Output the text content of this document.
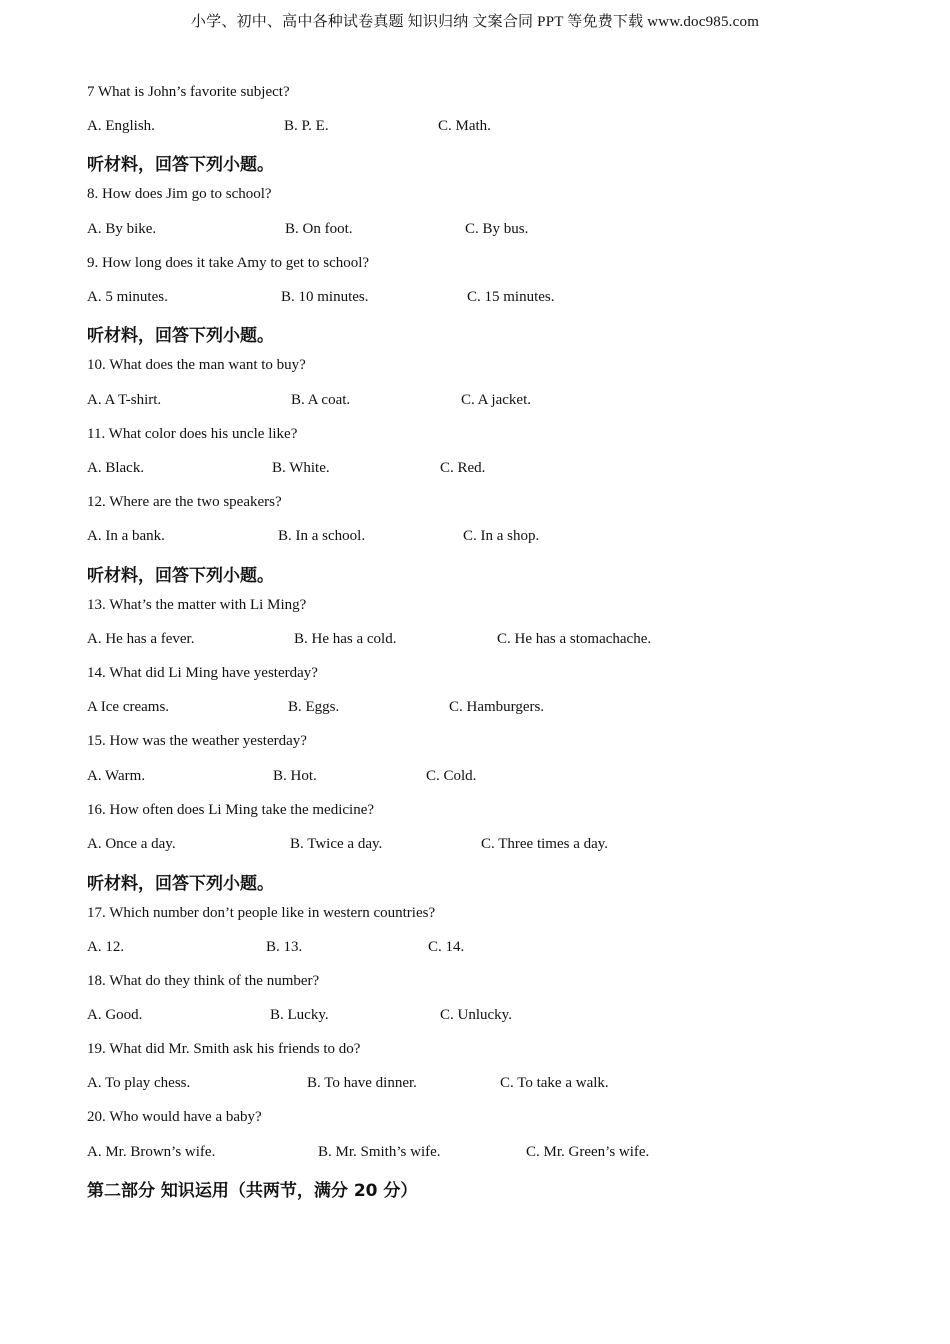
小学、初中、高中各种试卷真题 知识归纳 文案合同 PPT 等免费下载 www.doc985.com
7 What is John’s favorite subject?
A. English.	B. P. E.	C. Math.
听材料，回答下列小题。
8. How does Jim go to school?
A. By bike.	B. On foot.	C. By bus.
9. How long does it take Amy to get to school?
A. 5 minutes.	B. 10 minutes.	C. 15 minutes.
听材料，回答下列小题。
10. What does the man want to buy?
A. A T-shirt.	B. A coat.	C. A jacket.
11. What color does his uncle like?
A. Black.	B. White.	C. Red.
12. Where are the two speakers?
A. In a bank.	B. In a school.	C. In a shop.
听材料，回答下列小题。
13. What’s the matter with Li Ming?
A. He has a fever.	B. He has a cold.	C. He has a stomachache.
14. What did Li Ming have yesterday?
A Ice creams.	B. Eggs.	C. Hamburgers.
15. How was the weather yesterday?
A. Warm.	B. Hot.	C. Cold.
16. How often does Li Ming take the medicine?
A. Once a day.	B. Twice a day.	C. Three times a day.
听材料，回答下列小题。
17. Which number don’t people like in western countries?
A. 12.	B. 13.	C. 14.
18. What do they think of the number?
A. Good.	B. Lucky.	C. Unlucky.
19. What did Mr. Smith ask his friends to do?
A. To play chess.	B. To have dinner.	C. To take a walk.
20. Who would have a baby?
A. Mr. Brown’s wife.	B. Mr. Smith’s wife.	C. Mr. Green’s wife.
第二部分 知识运用（共两节，满分 20 分）
